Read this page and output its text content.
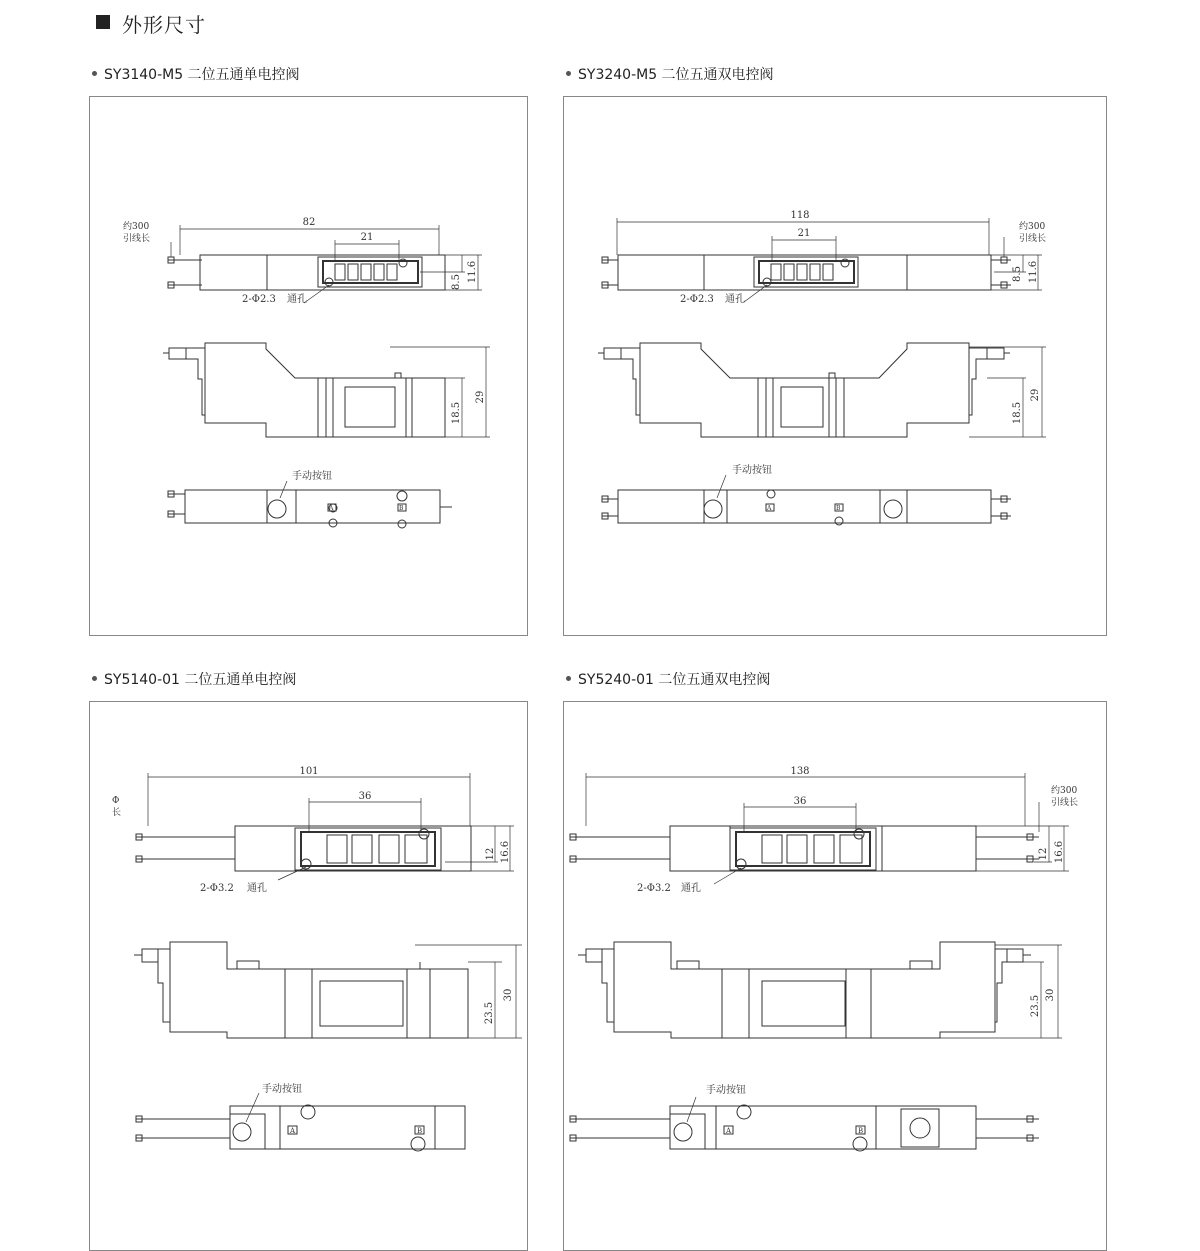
外形尺寸
SY3140-M5 二位五通单电控阀
82
21
8.5 11.6
约300
引线长
2-Φ2.3 通孔
18.5
29
手动按钮
A	B
SY3240-M5 二位五通双电控阀
118
21
8.5 11.6
约300
引线长
2-Φ2.3 通孔
18.5
29
手动按钮
A	B
SY5140-01 二位五通单电控阀
101
36
12 16.6
Φ
长
2-Φ3.2 通孔
23.5
30
手动按钮
A	B
SY5240-01 二位五通双电控阀
138
36
12 16.6
约300
引线长
2-Φ3.2 通孔
23.5 30
手动按钮
A	B
